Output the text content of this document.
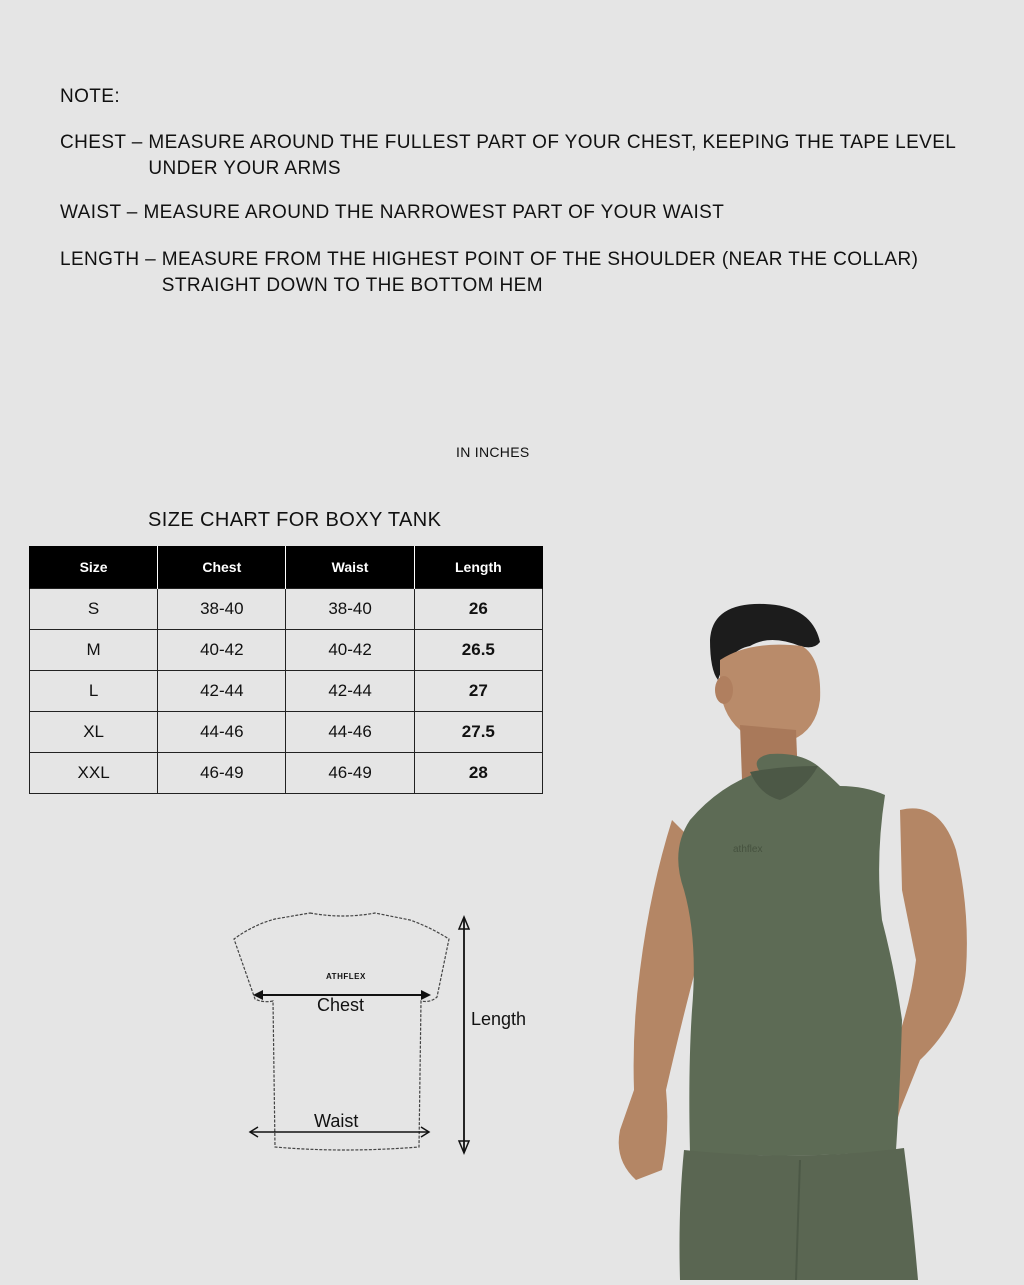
NOTE:
CHEST – MEASURE AROUND THE FULLEST PART OF YOUR CHEST, KEEPING THE TAPE LEVEL UNDER YOUR ARMS
WAIST – MEASURE AROUND THE NARROWEST PART OF YOUR WAIST
LENGTH – MEASURE FROM THE HIGHEST POINT OF THE SHOULDER (NEAR THE COLLAR) STRAIGHT DOWN TO THE BOTTOM HEM
IN INCHES
SIZE CHART FOR BOXY TANK
Size	Chest	Waist	Length
S	38-40	38-40	26
M	40-42	40-42	26.5
L	42-44	42-44	27
XL	44-46	44-46	27.5
XXL	46-49	46-49	28
ATHFLEX
Chest
Waist
Length
athflex
